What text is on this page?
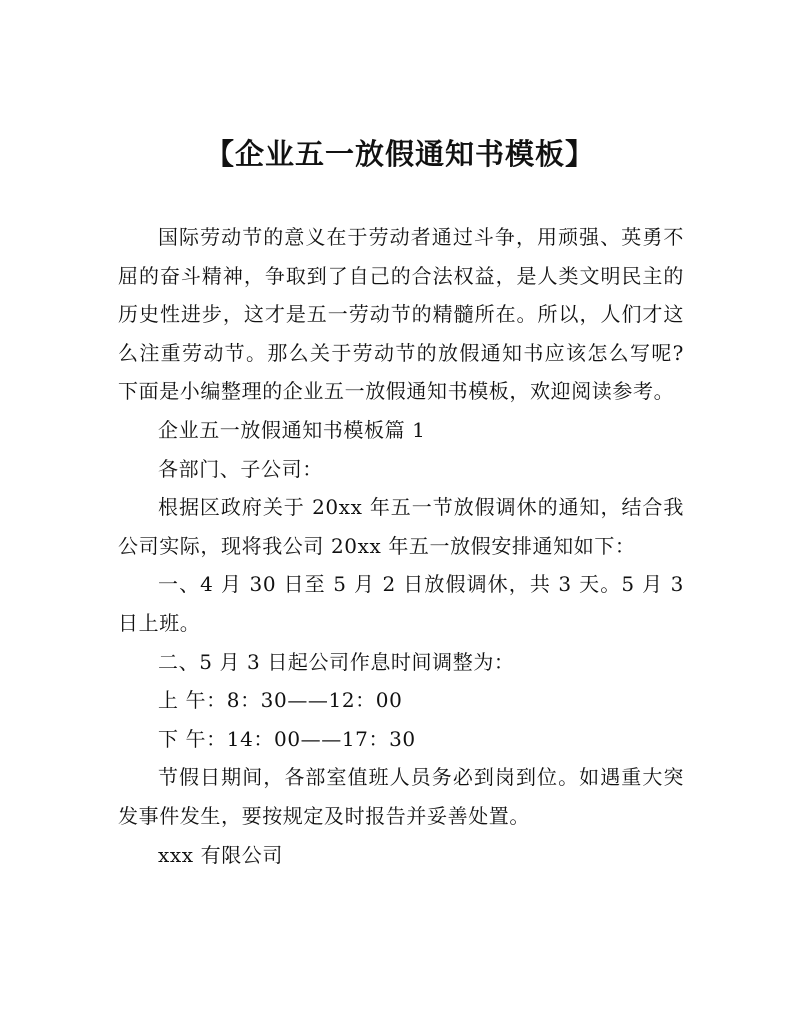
【企业五一放假通知书模板】

国际劳动节的意义在于劳动者通过斗争，用顽强、英勇不屈的奋斗精神，争取到了自己的合法权益，是人类文明民主的历史性进步，这才是五一劳动节的精髓所在。所以，人们才这么注重劳动节。那么关于劳动节的放假通知书应该怎么写呢?下面是小编整理的企业五一放假通知书模板，欢迎阅读参考。

企业五一放假通知书模板篇 1

各部门、子公司：

根据区政府关于 20xx 年五一节放假调休的通知，结合我公司实际，现将我公司 20xx 年五一放假安排通知如下：

一、4 月 30 日至 5 月 2 日放假调休，共 3 天。5 月 3 日上班。

二、5 月 3 日起公司作息时间调整为：

上 午：8：30——12：00

下 午：14：00——17：30

节假日期间，各部室值班人员务必到岗到位。如遇重大突发事件发生，要按规定及时报告并妥善处置。

xxx 有限公司
